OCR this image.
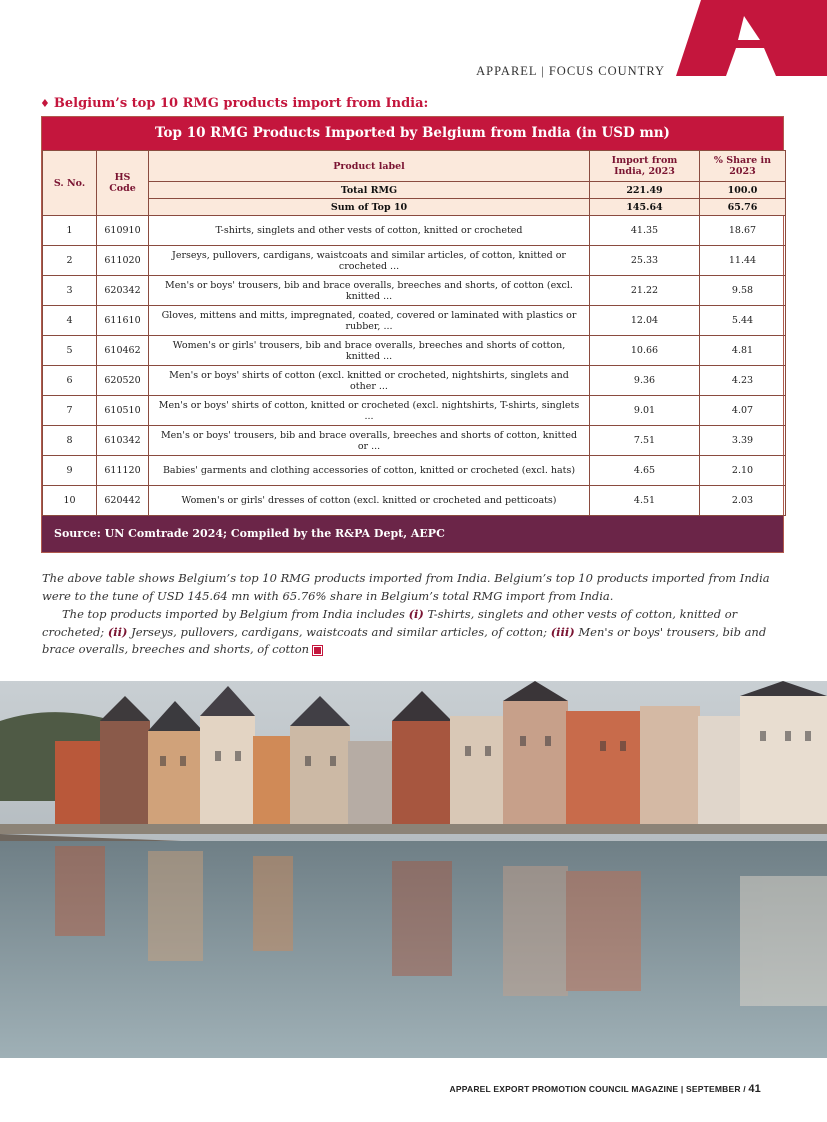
APPAREL | FOCUS COUNTRY
♦ Belgium’s top 10 RMG products import from India:
Top 10 RMG Products Imported by Belgium from India (in USD mn)
S. No.	HS Code	Product label	Import from India, 2023	% Share in 2023
		Total RMG	221.49	100.0
		Sum of Top 10	145.64	65.76
1	610910	T-shirts, singlets and other vests of cotton, knitted or crocheted	41.35	18.67
2	611020	Jerseys, pullovers, cardigans, waistcoats and similar articles, of cotton, knitted or crocheted ...	25.33	11.44
3	620342	Men's or boys' trousers, bib and brace overalls, breeches and shorts, of cotton (excl. knitted ...	21.22	9.58
4	611610	Gloves, mittens and mitts, impregnated, coated, covered or laminated with plastics or rubber, ...	12.04	5.44
5	610462	Women's or girls' trousers, bib and brace overalls, breeches and shorts of cotton, knitted ...	10.66	4.81
6	620520	Men's or boys' shirts of cotton (excl. knitted or crocheted, nightshirts, singlets and other ...	9.36	4.23
7	610510	Men's or boys' shirts of cotton, knitted or crocheted (excl. nightshirts, T-shirts, singlets ...	9.01	4.07
8	610342	Men's or boys' trousers, bib and brace overalls, breeches and shorts of cotton, knitted or ...	7.51	3.39
9	611120	Babies' garments and clothing accessories of cotton, knitted or crocheted (excl. hats)	4.65	2.10
10	620442	Women's or girls' dresses of cotton (excl. knitted or crocheted and petticoats)	4.51	2.03
Source: UN Comtrade 2024; Compiled by the R&PA Dept, AEPC
The above table shows Belgium’s top 10 RMG products imported from India. Belgium’s top 10 products imported from India were to the tune of USD 145.64 mn with 65.76% share in Belgium’s total RMG import from India.
The top products imported by Belgium from India includes (i) T-shirts, singlets and other vests of cotton, knitted or crocheted; (ii) Jerseys, pullovers, cardigans, waistcoats and similar articles, of cotton; (iii) Men's or boys' trousers, bib and brace overalls, breeches and shorts, of cotton
APPAREL EXPORT PROMOTION COUNCIL MAGAZINE | SEPTEMBER / 41
